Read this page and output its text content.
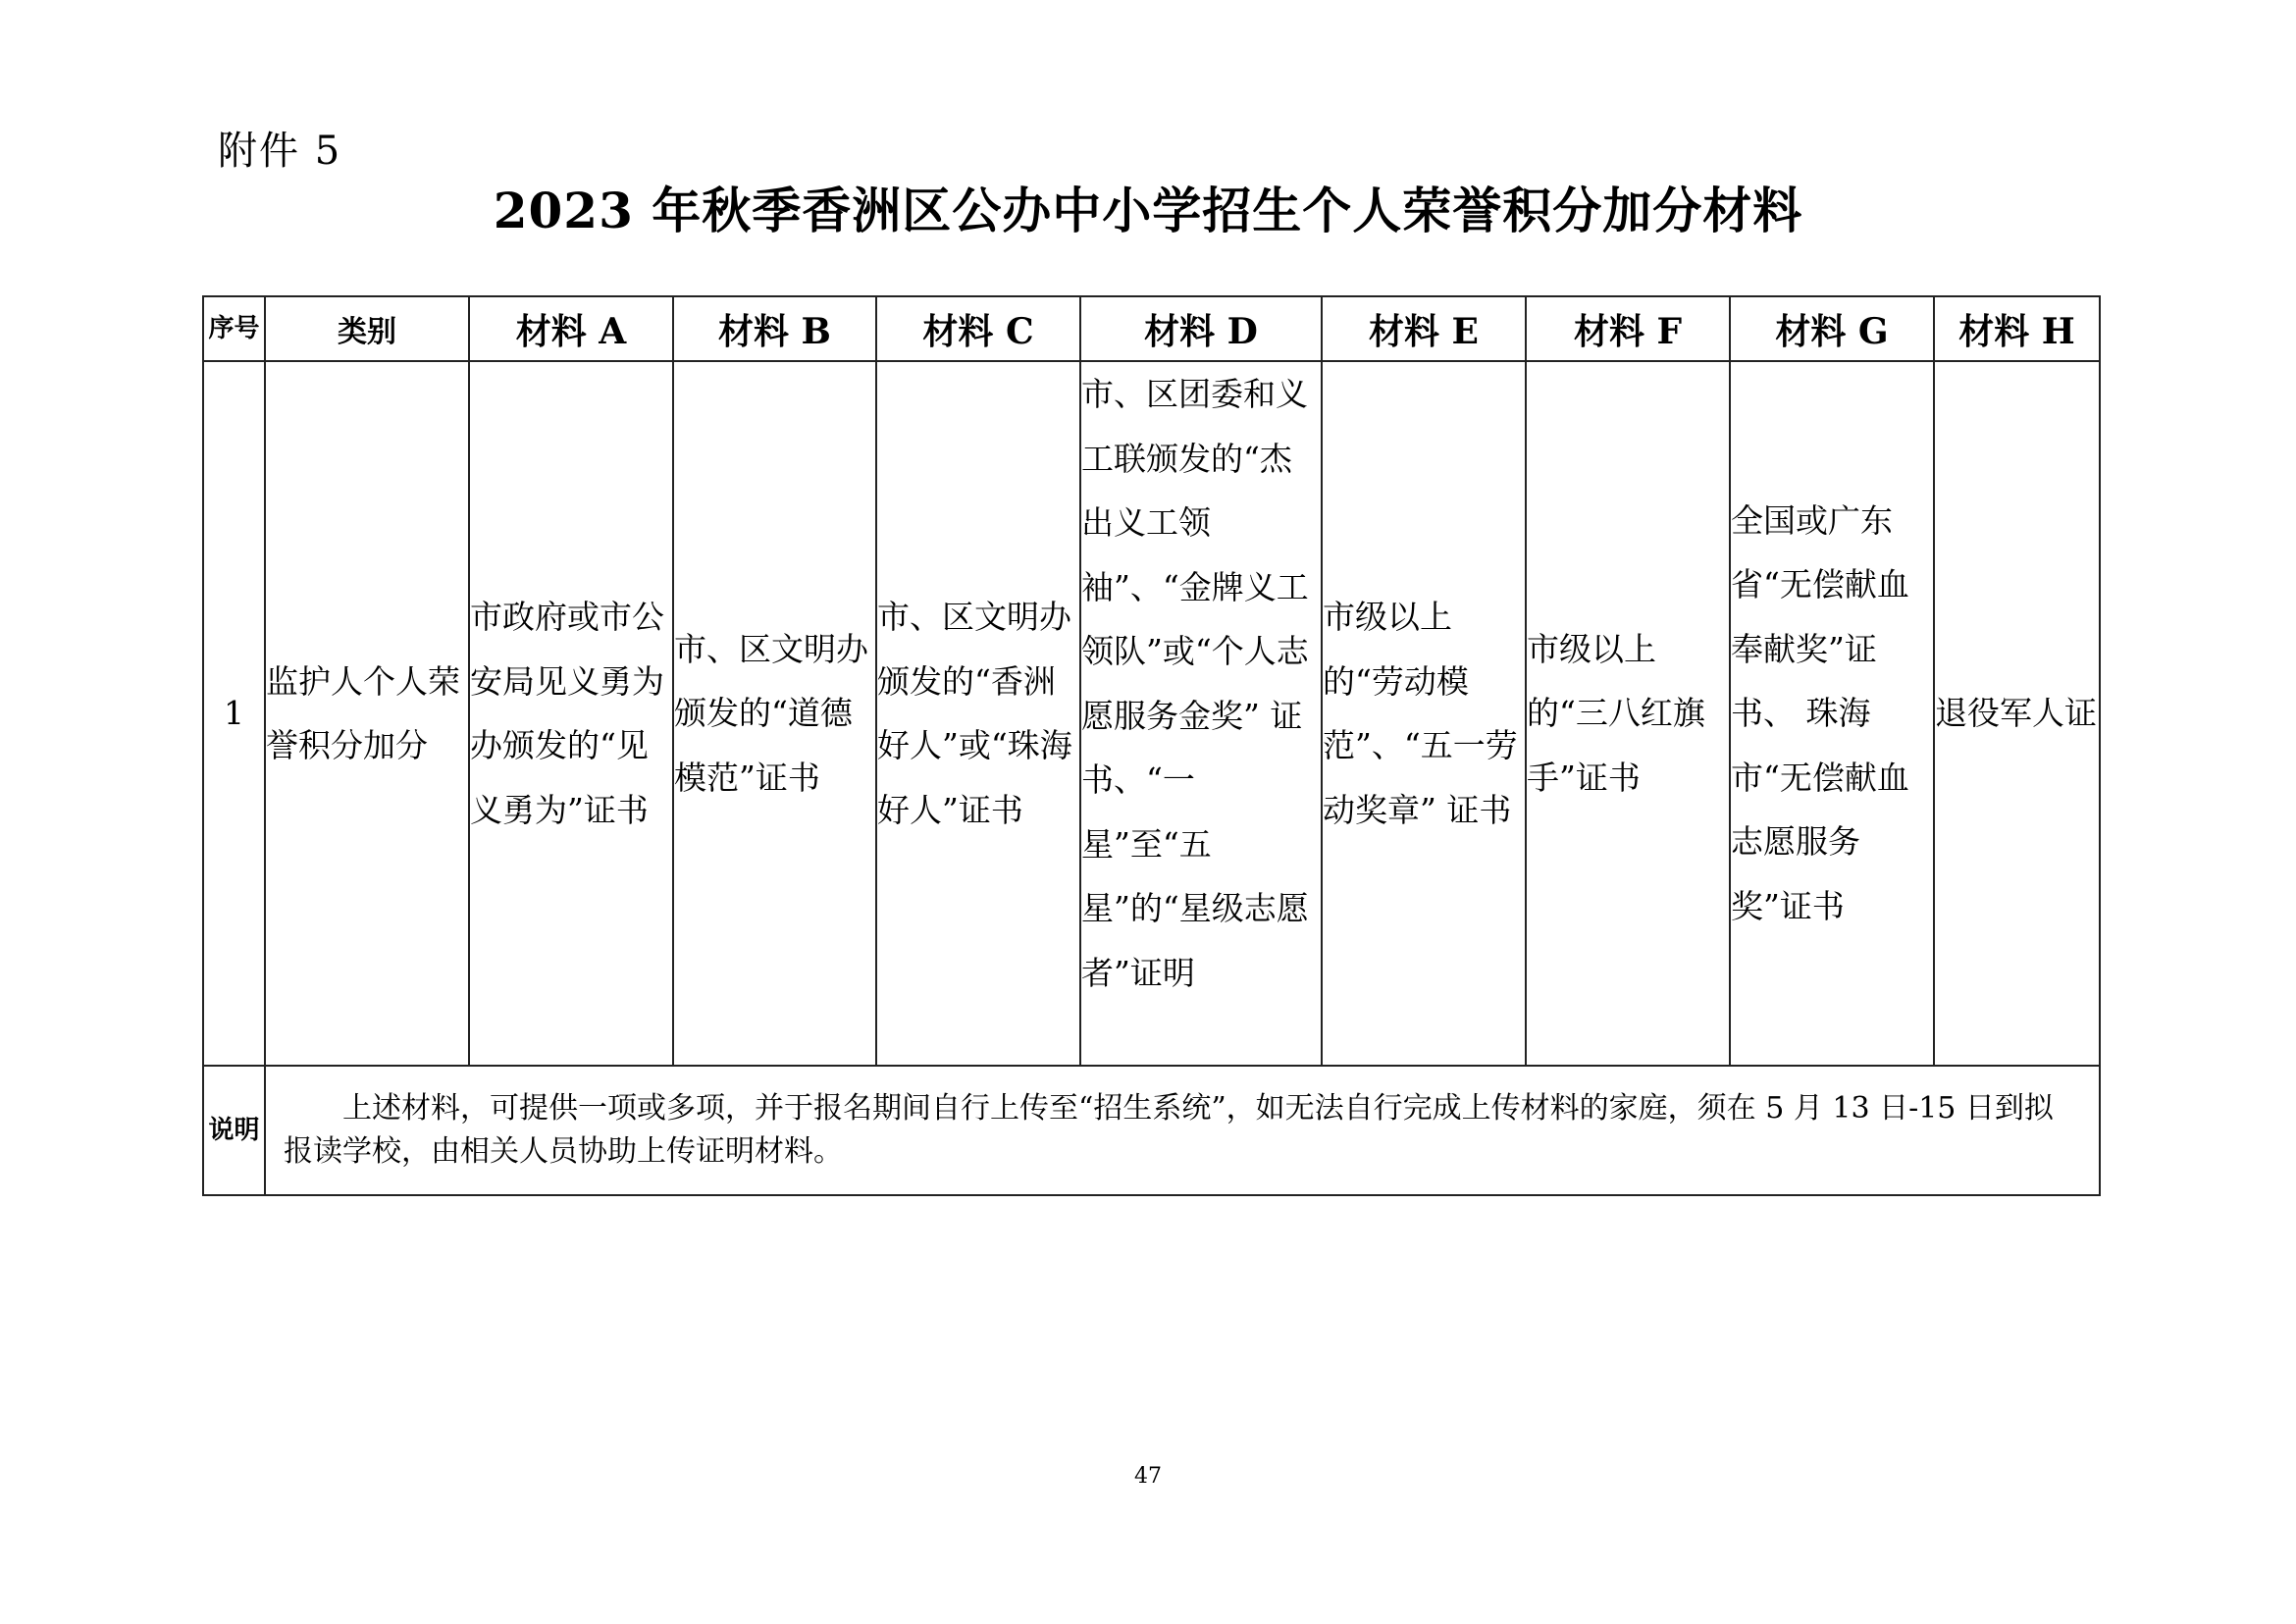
附件 5
2023 年秋季香洲区公办中小学招生个人荣誉积分加分材料
序号	类别	材料 A	材料 B	材料 C	材料 D	材料 E	材料 F	材料 G	材料 H
1	监护人个人荣誉积分加分	市政府或市公安局见义勇为办颁发的“见义勇为”证书	市、区文明办颁发的“道德模范”证书	市、区文明办颁发的“香洲好人”或“珠海好人”证书	市、区团委和义工联颁发的“杰出义工领袖”、“金牌义工领队”或“个人志愿服务金奖” 证书、“一星”至“五星”的“星级志愿者”证明	市级以上的“劳动模范”、“五一劳动奖章” 证书	市级以上的“三八红旗手”证书	全国或广东省“无偿献血奉献奖”证书、 珠海市“无偿献血志愿服务奖”证书	退役军人证
说明	上述材料，可提供一项或多项，并于报名期间自行上传至“招生系统”，如无法自行完成上传材料的家庭，须在 5 月 13 日-15 日到拟报读学校，由相关人员协助上传证明材料。								
47
